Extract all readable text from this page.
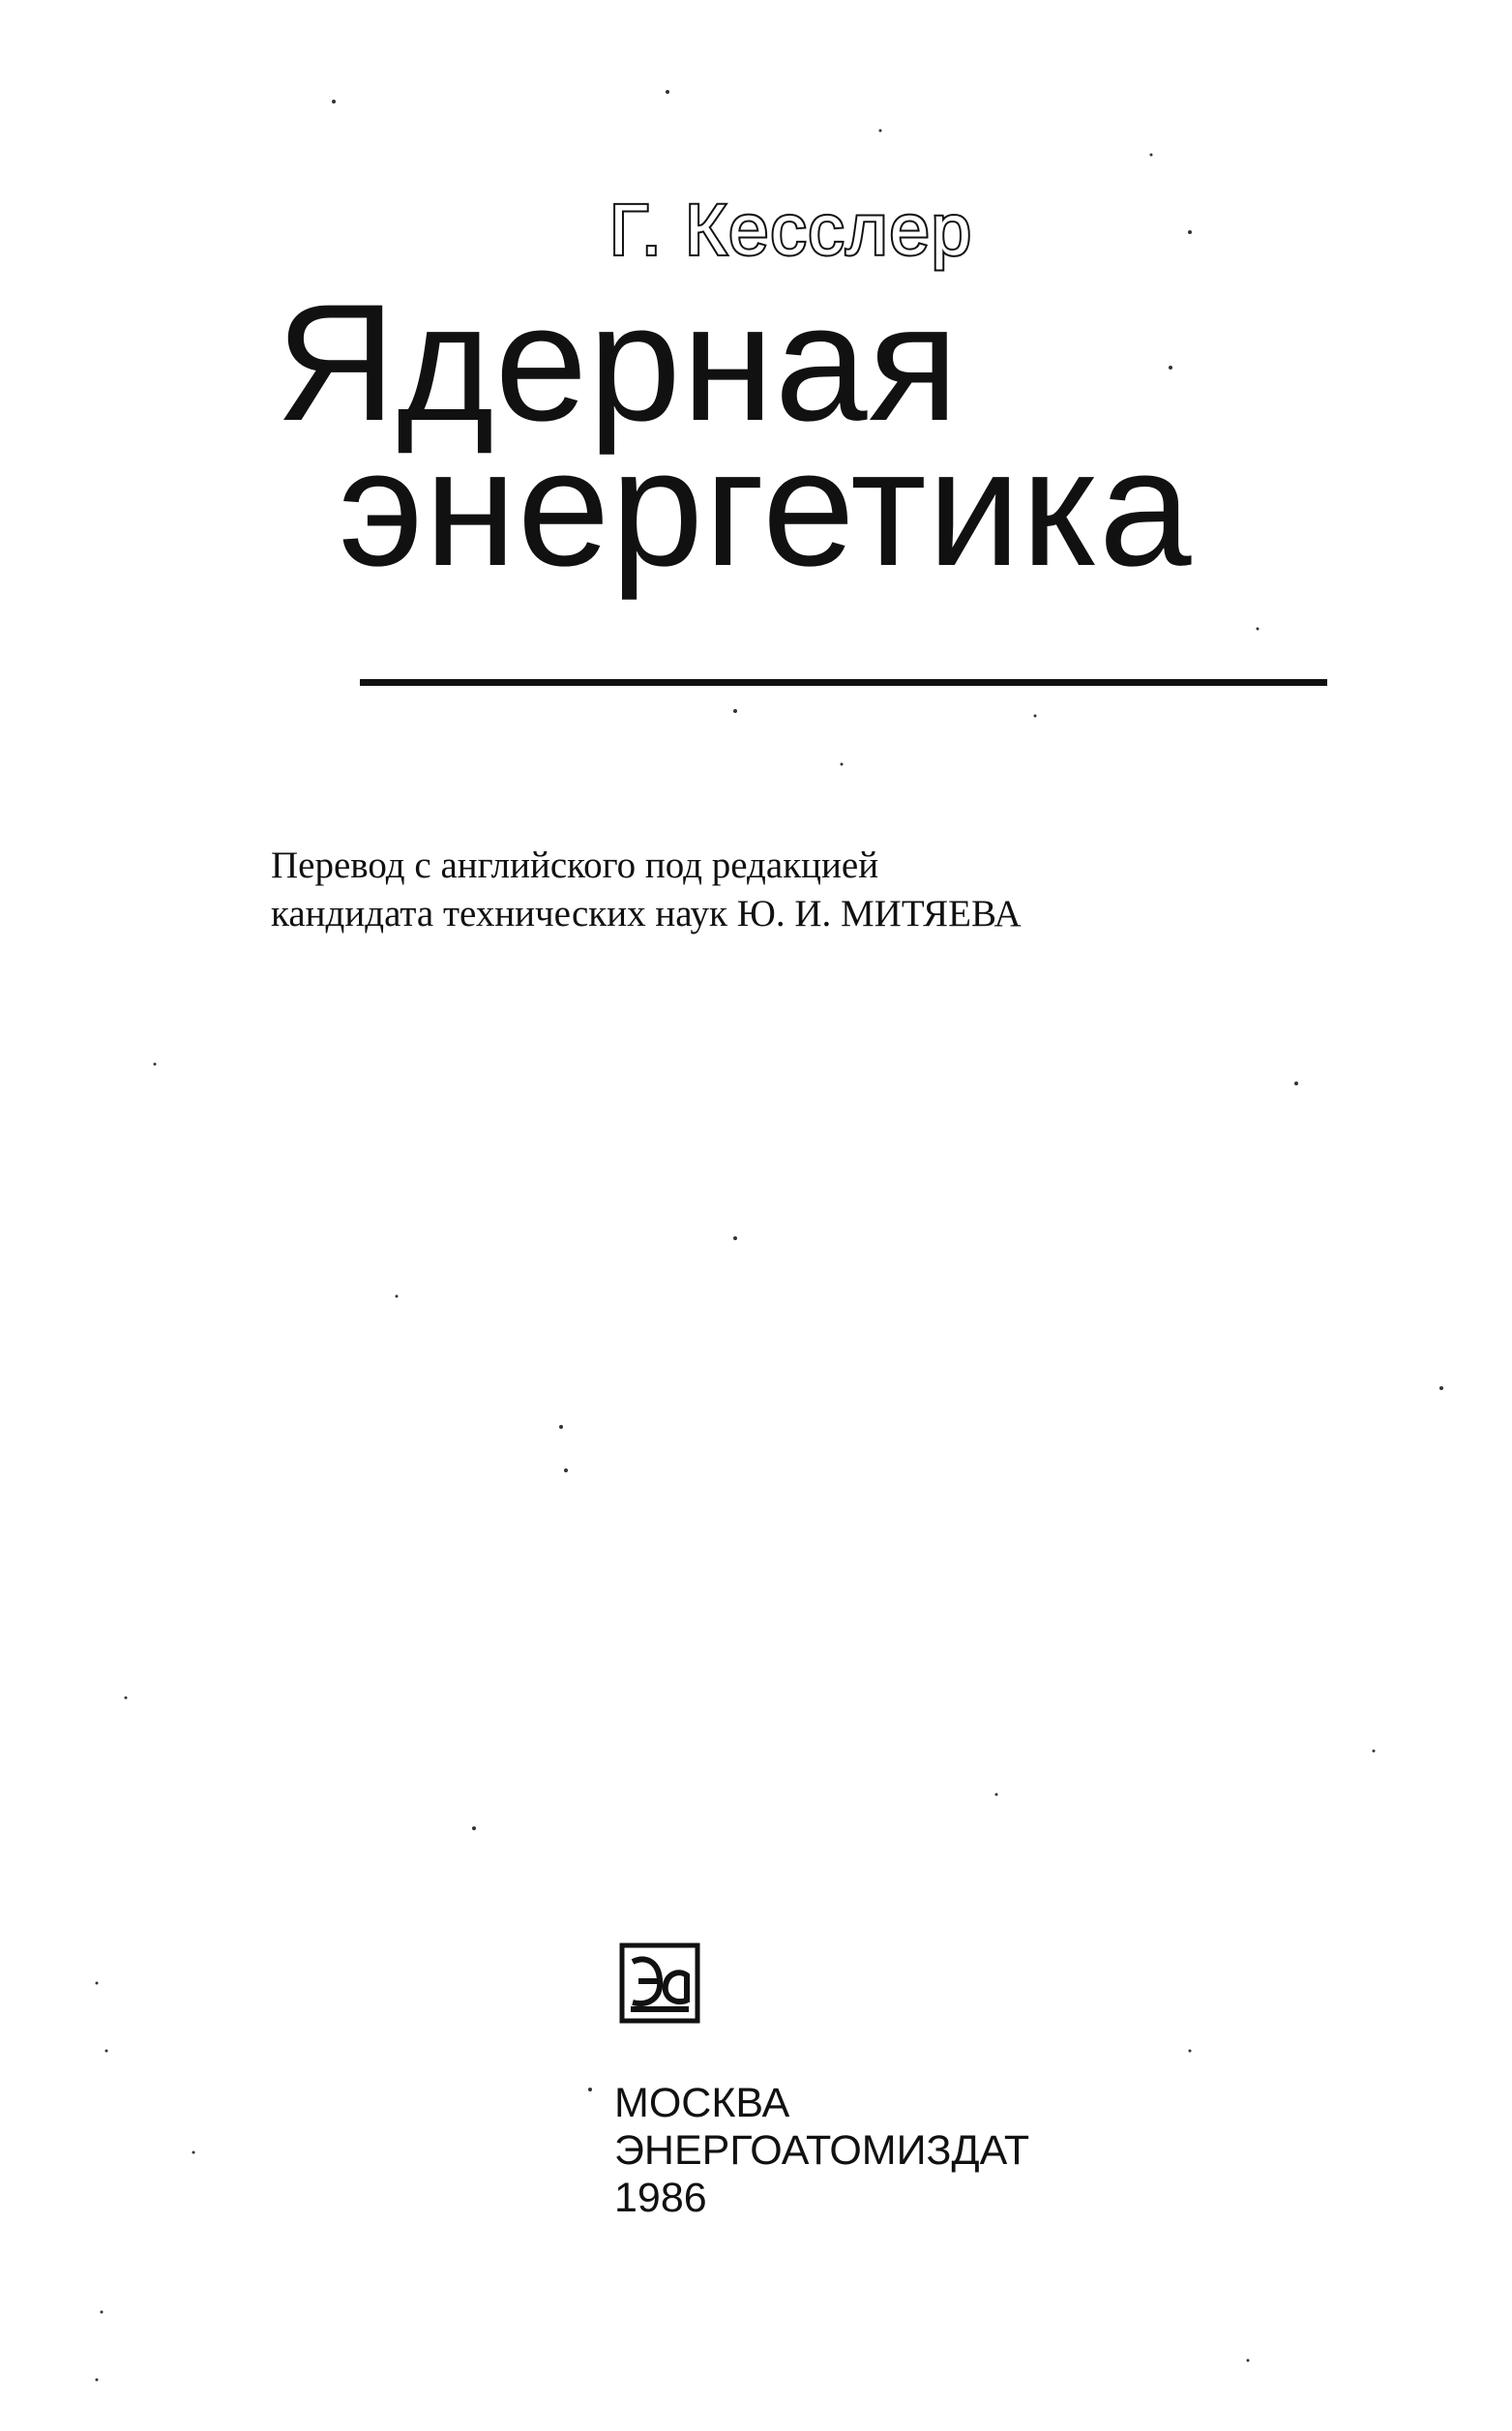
Г. Кесслер
Ядерная
энергетика
Перевод с английского под редакцией
кандидата технических наук Ю. И. МИТЯЕВА
МОСКВА
ЭНЕРГОАТОМИЗДАТ
1986
